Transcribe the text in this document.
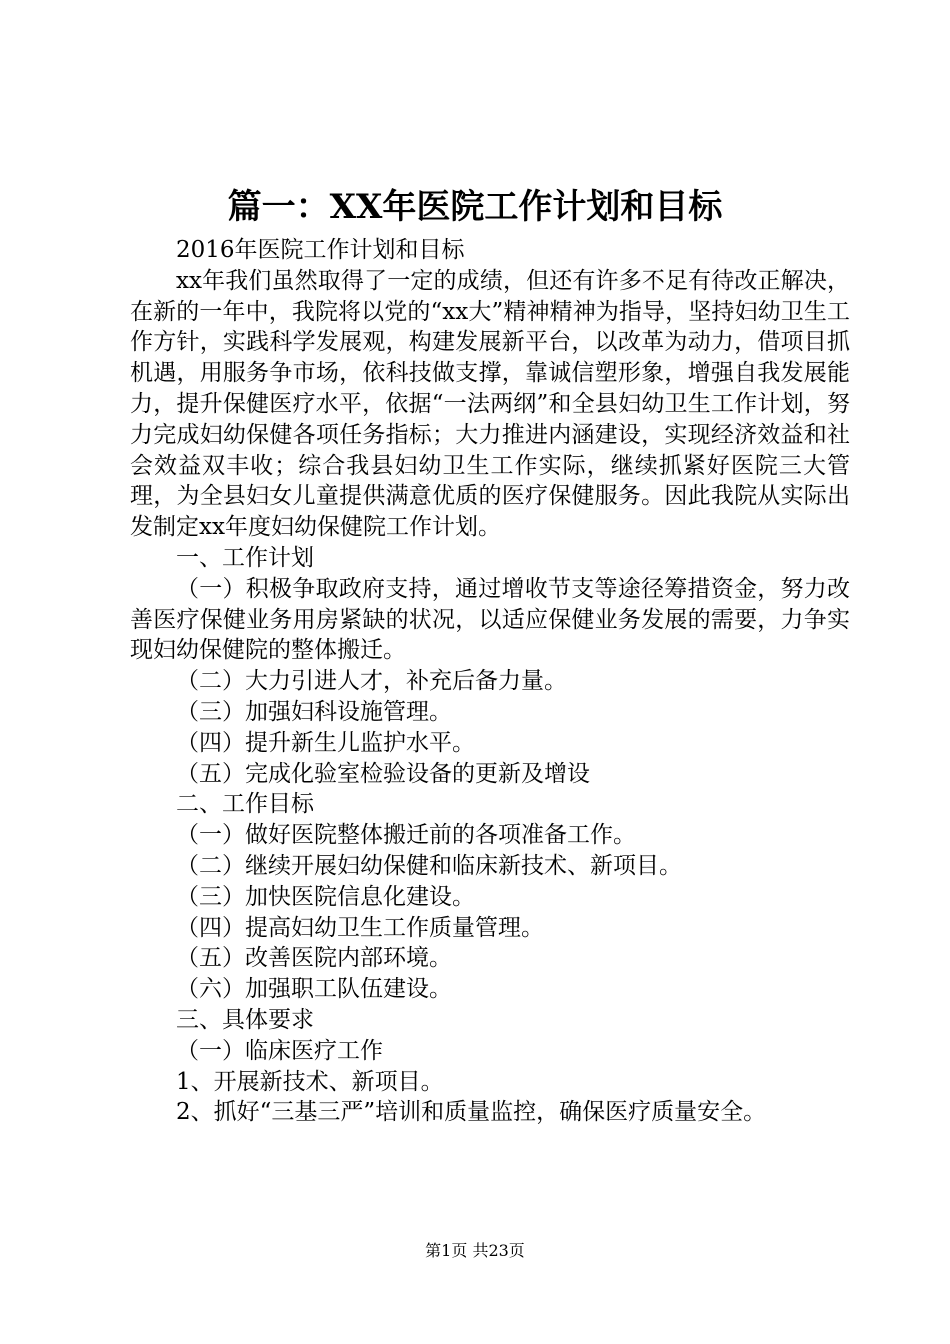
篇一：XX年医院工作计划和目标

2016年医院工作计划和目标

xx年我们虽然取得了一定的成绩，但还有许多不足有待改正解决，在新的一年中，我院将以党的“xx大”精神精神为指导，坚持妇幼卫生工作方针，实践科学发展观，构建发展新平台，以改革为动力，借项目抓机遇，用服务争市场，依科技做支撑，靠诚信塑形象，增强自我发展能力，提升保健医疗水平，依据“一法两纲”和全县妇幼卫生工作计划，努力完成妇幼保健各项任务指标；大力推进内涵建设，实现经济效益和社会效益双丰收；综合我县妇幼卫生工作实际，继续抓紧好医院三大管理，为全县妇女儿童提供满意优质的医疗保健服务。因此我院从实际出发制定xx年度妇幼保健院工作计划。

一、工作计划

（一）积极争取政府支持，通过增收节支等途径筹措资金，努力改善医疗保健业务用房紧缺的状况，以适应保健业务发展的需要，力争实现妇幼保健院的整体搬迁。

（二）大力引进人才，补充后备力量。

（三）加强妇科设施管理。

（四）提升新生儿监护水平。

（五）完成化验室检验设备的更新及增设

二、工作目标

（一）做好医院整体搬迁前的各项准备工作。

（二）继续开展妇幼保健和临床新技术、新项目。

（三）加快医院信息化建设。

（四）提高妇幼卫生工作质量管理。

（五）改善医院内部环境。

（六）加强职工队伍建设。

三、具体要求

（一）临床医疗工作

1、开展新技术、新项目。

2、抓好“三基三严”培训和质量监控，确保医疗质量安全。

第1页 共23页
